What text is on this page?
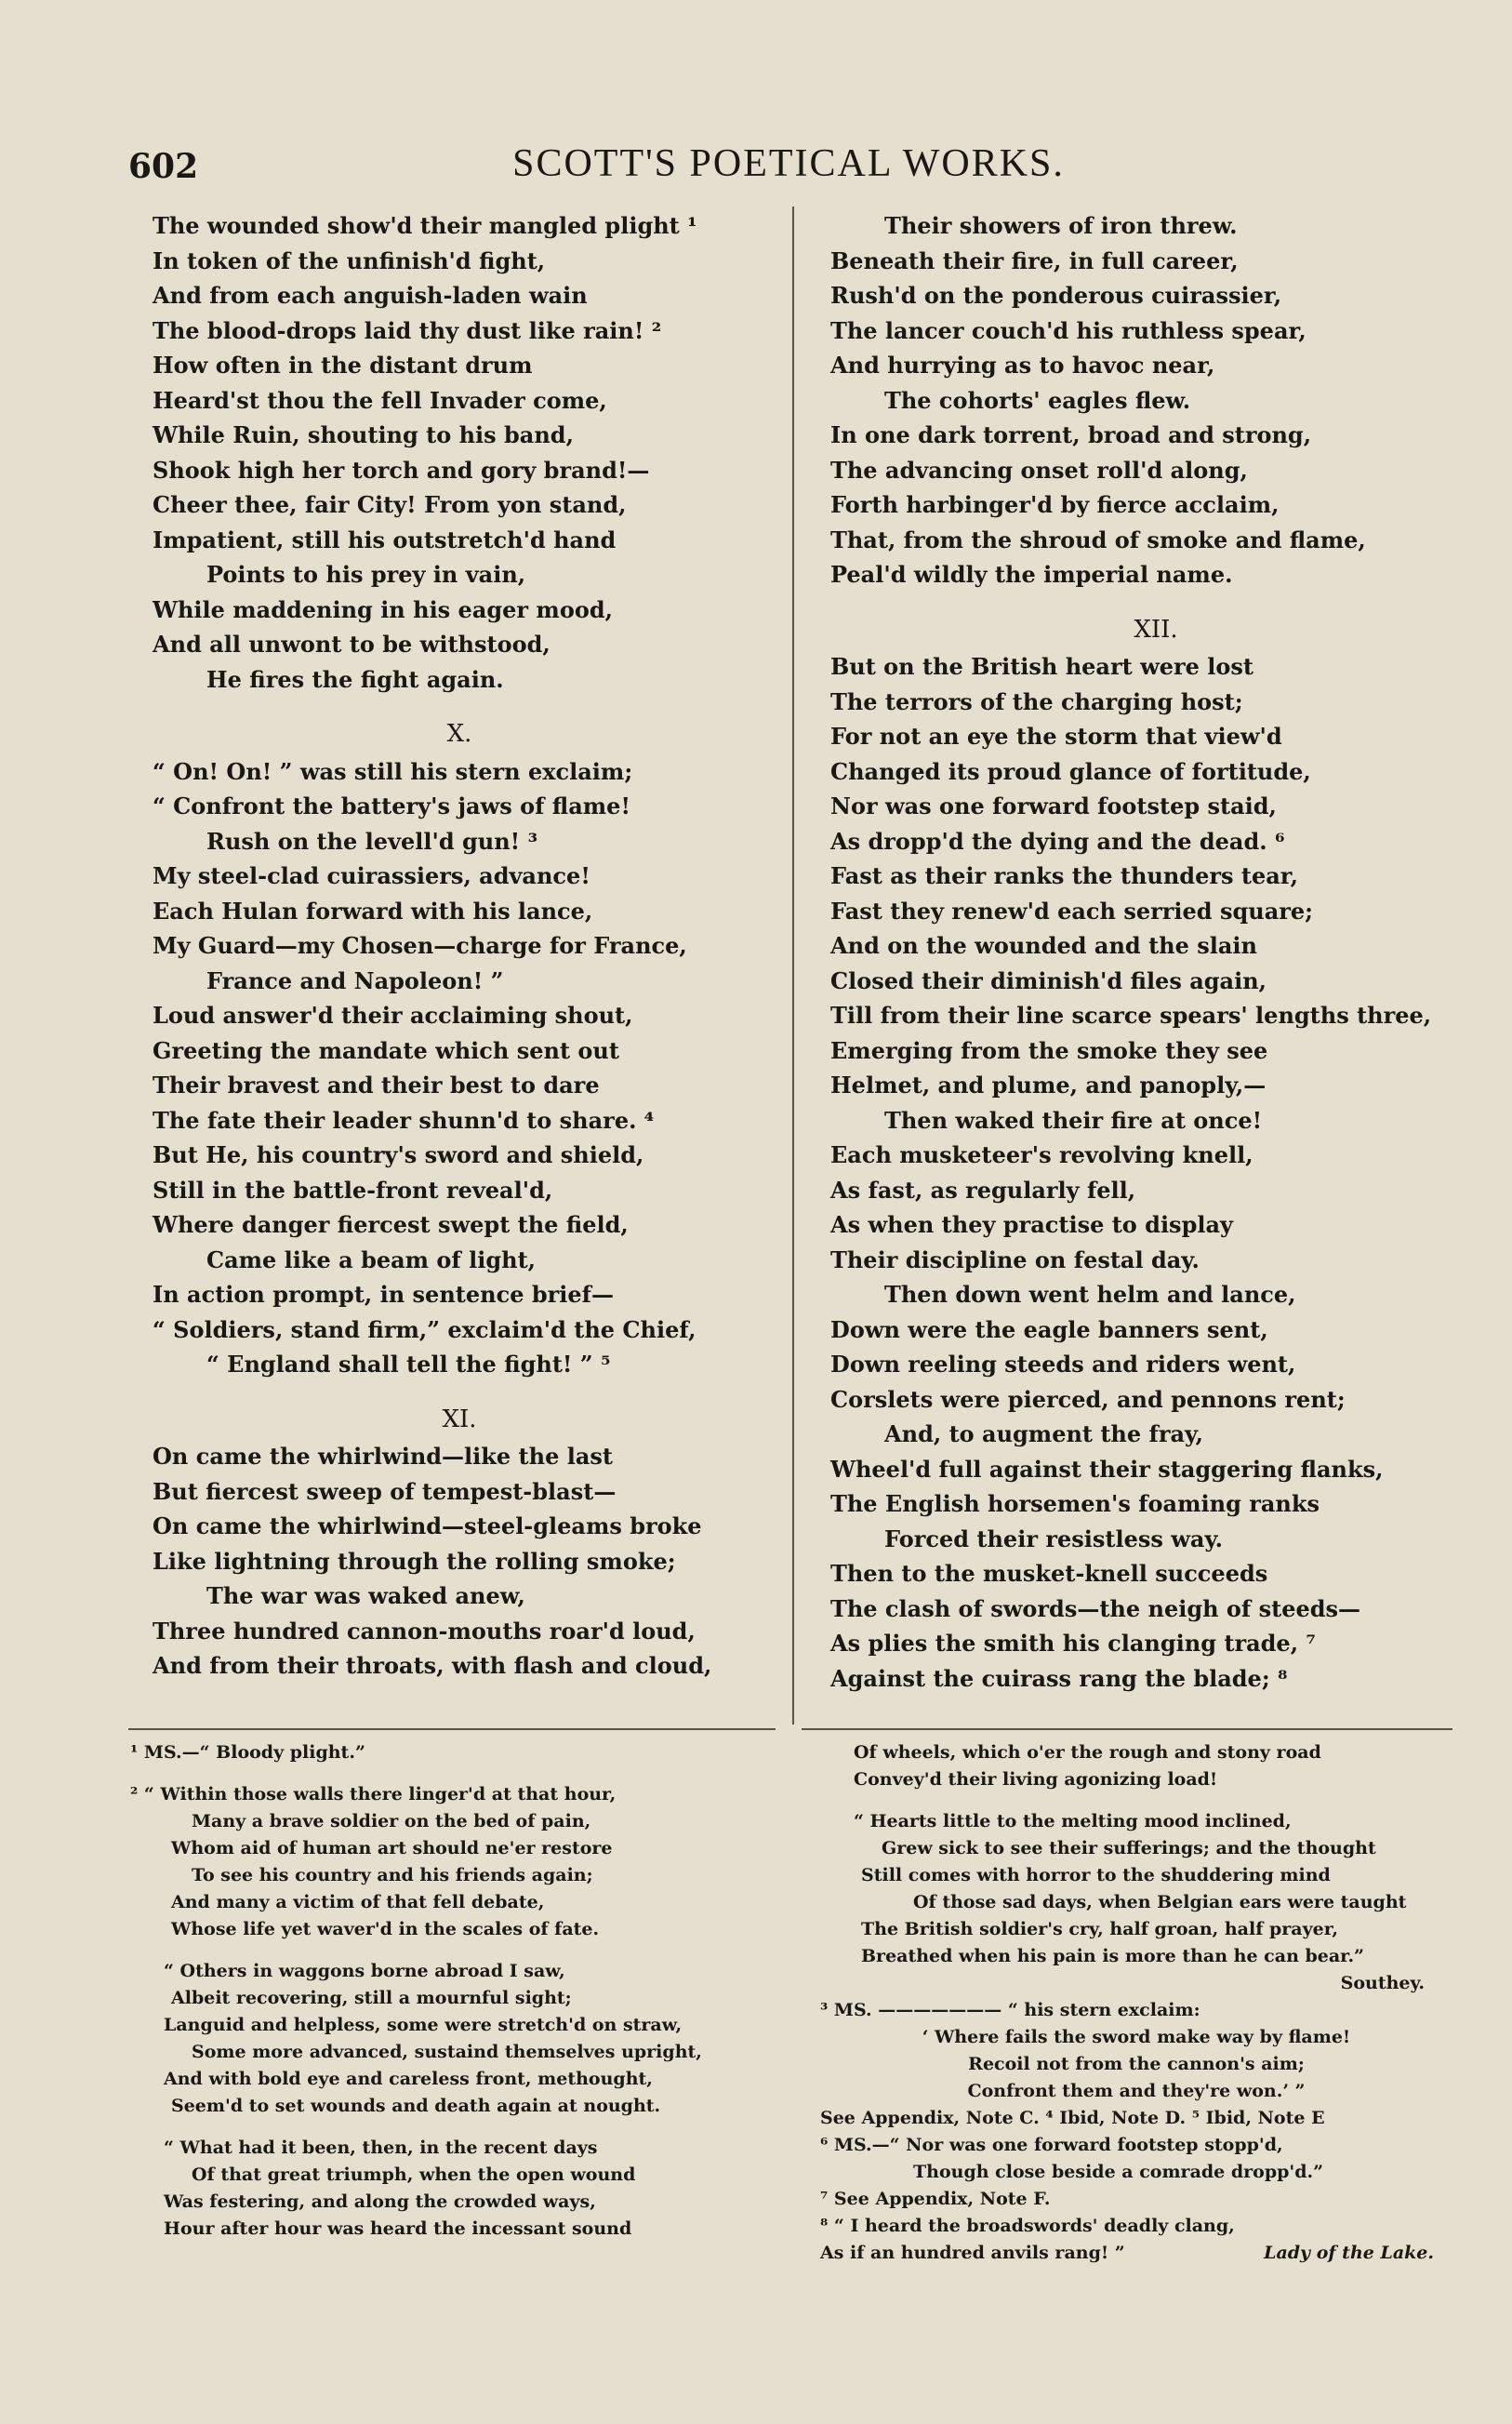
602	SCOTT'S POETICAL WORKS.
The wounded show'd their mangled plight ¹
In token of the unfinish'd fight,
And from each anguish-laden wain
The blood-drops laid thy dust like rain! ²
How often in the distant drum
Heard'st thou the fell Invader come,
While Ruin, shouting to his band,
Shook high her torch and gory brand!—
Cheer thee, fair City! From yon stand,
Impatient, still his outstretch'd hand
Points to his prey in vain,
While maddening in his eager mood,
And all unwont to be withstood,
He fires the fight again.
X.
“ On! On! ” was still his stern exclaim;
“ Confront the battery's jaws of flame!
Rush on the levell'd gun! ³
My steel-clad cuirassiers, advance!
Each Hulan forward with his lance,
My Guard—my Chosen—charge for France,
France and Napoleon! ”
Loud answer'd their acclaiming shout,
Greeting the mandate which sent out
Their bravest and their best to dare
The fate their leader shunn'd to share. ⁴
But He, his country's sword and shield,
Still in the battle-front reveal'd,
Where danger fiercest swept the field,
Came like a beam of light,
In action prompt, in sentence brief—
“ Soldiers, stand firm,” exclaim'd the Chief,
“ England shall tell the fight! ” ⁵
XI.
On came the whirlwind—like the last
But fiercest sweep of tempest-blast—
On came the whirlwind—steel-gleams broke
Like lightning through the rolling smoke;
The war was waked anew,
Three hundred cannon-mouths roar'd loud,
And from their throats, with flash and cloud,
Their showers of iron threw.
Beneath their fire, in full career,
Rush'd on the ponderous cuirassier,
The lancer couch'd his ruthless spear,
And hurrying as to havoc near,
The cohorts' eagles flew.
In one dark torrent, broad and strong,
The advancing onset roll'd along,
Forth harbinger'd by fierce acclaim,
That, from the shroud of smoke and flame,
Peal'd wildly the imperial name.
XII.
But on the British heart were lost
The terrors of the charging host;
For not an eye the storm that view'd
Changed its proud glance of fortitude,
Nor was one forward footstep staid,
As dropp'd the dying and the dead. ⁶
Fast as their ranks the thunders tear,
Fast they renew'd each serried square;
And on the wounded and the slain
Closed their diminish'd files again,
Till from their line scarce spears' lengths three,
Emerging from the smoke they see
Helmet, and plume, and panoply,—
Then waked their fire at once!
Each musketeer's revolving knell,
As fast, as regularly fell,
As when they practise to display
Their discipline on festal day.
Then down went helm and lance,
Down were the eagle banners sent,
Down reeling steeds and riders went,
Corslets were pierced, and pennons rent;
And, to augment the fray,
Wheel'd full against their staggering flanks,
The English horsemen's foaming ranks
Forced their resistless way.
Then to the musket-knell succeeds
The clash of swords—the neigh of steeds—
As plies the smith his clanging trade, ⁷
Against the cuirass rang the blade; ⁸
¹ MS.—“ Bloody plight.”
² “ Within those walls there linger'd at that hour,
Many a brave soldier on the bed of pain,
Whom aid of human art should ne'er restore
To see his country and his friends again;
And many a victim of that fell debate,
Whose life yet waver'd in the scales of fate.
“ Others in waggons borne abroad I saw,
Albeit recovering, still a mournful sight;
Languid and helpless, some were stretch'd on straw,
Some more advanced, sustaind themselves upright,
And with bold eye and careless front, methought,
Seem'd to set wounds and death again at nought.
“ What had it been, then, in the recent days
Of that great triumph, when the open wound
Was festering, and along the crowded ways,
Hour after hour was heard the incessant sound
Of wheels, which o'er the rough and stony road
Convey'd their living agonizing load!
“ Hearts little to the melting mood inclined,
Grew sick to see their sufferings; and the thought
Still comes with horror to the shuddering mind
Of those sad days, when Belgian ears were taught
The British soldier's cry, half groan, half prayer,
Breathed when his pain is more than he can bear.”
Southey.
³ MS. ——————— “ his stern exclaim:
‘ Where fails the sword make way by flame!
Recoil not from the cannon's aim;
Confront them and they're won.’ ”
See Appendix, Note C. ⁴ Ibid, Note D. ⁵ Ibid, Note E
⁶ MS.—“ Nor was one forward footstep stopp'd,
Though close beside a comrade dropp'd.”
⁷ See Appendix, Note F.
⁸ “ I heard the broadswords' deadly clang,
As if an hundred anvils rang! ”	Lady of the Lake.
